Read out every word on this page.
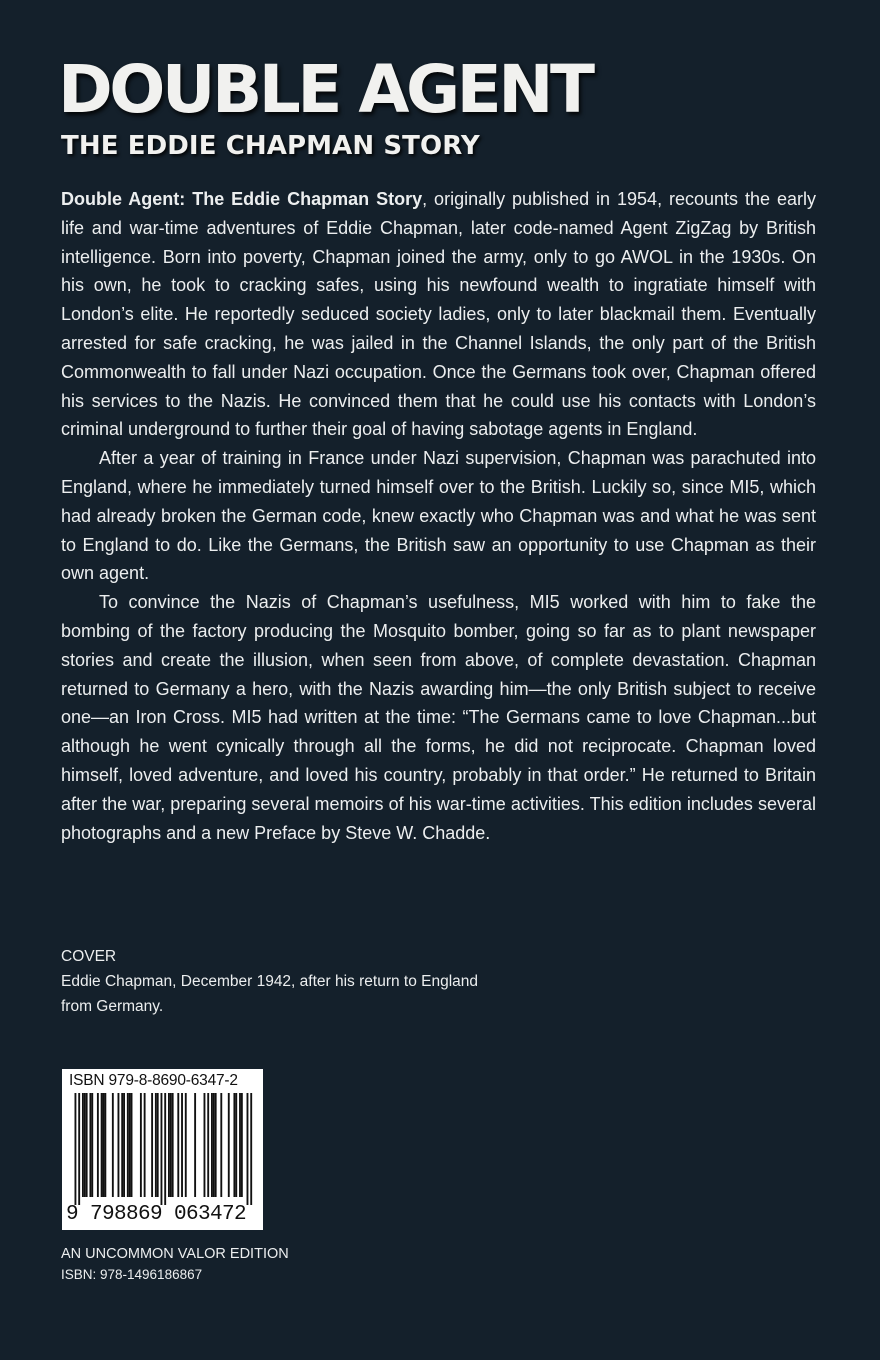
DOUBLE AGENT
THE EDDIE CHAPMAN STORY

Double Agent: The Eddie Chapman Story, originally published in 1954, recounts the early life and war-time adventures of Eddie Chapman, later code-named Agent ZigZag by British intelligence. Born into poverty, Chapman joined the army, only to go AWOL in the 1930s. On his own, he took to cracking safes, using his newfound wealth to ingratiate himself with London’s elite. He reportedly seduced society ladies, only to later blackmail them. Eventually arrested for safe cracking, he was jailed in the Channel Islands, the only part of the British Commonwealth to fall under Nazi occupation. Once the Germans took over, Chapman offered his services to the Nazis. He convinced them that he could use his contacts with London’s criminal underground to further their goal of having sabotage agents in England.

After a year of training in France under Nazi supervision, Chapman was parachuted into England, where he immediately turned himself over to the British. Luckily so, since MI5, which had already broken the German code, knew exactly who Chapman was and what he was sent to England to do. Like the Germans, the British saw an opportunity to use Chapman as their own agent.

To convince the Nazis of Chapman’s usefulness, MI5 worked with him to fake the bombing of the factory producing the Mosquito bomber, going so far as to plant newspaper stories and create the illusion, when seen from above, of complete devastation. Chapman returned to Germany a hero, with the Nazis awarding him—the only British subject to receive one—an Iron Cross. MI5 had written at the time: “The Germans came to love Chapman...but although he went cynically through all the forms, he did not reciprocate. Chapman loved himself, loved adventure, and loved his country, probably in that order.” He returned to Britain after the war, preparing several memoirs of his war-time activities. This edition includes several photographs and a new Preface by Steve W. Chadde.

COVER
Eddie Chapman, December 1942, after his return to England
from Germany.
ISBN 979-8-8690-6347-2
9 798869 063472
AN UNCOMMON VALOR EDITION
ISBN: 978-1496186867
